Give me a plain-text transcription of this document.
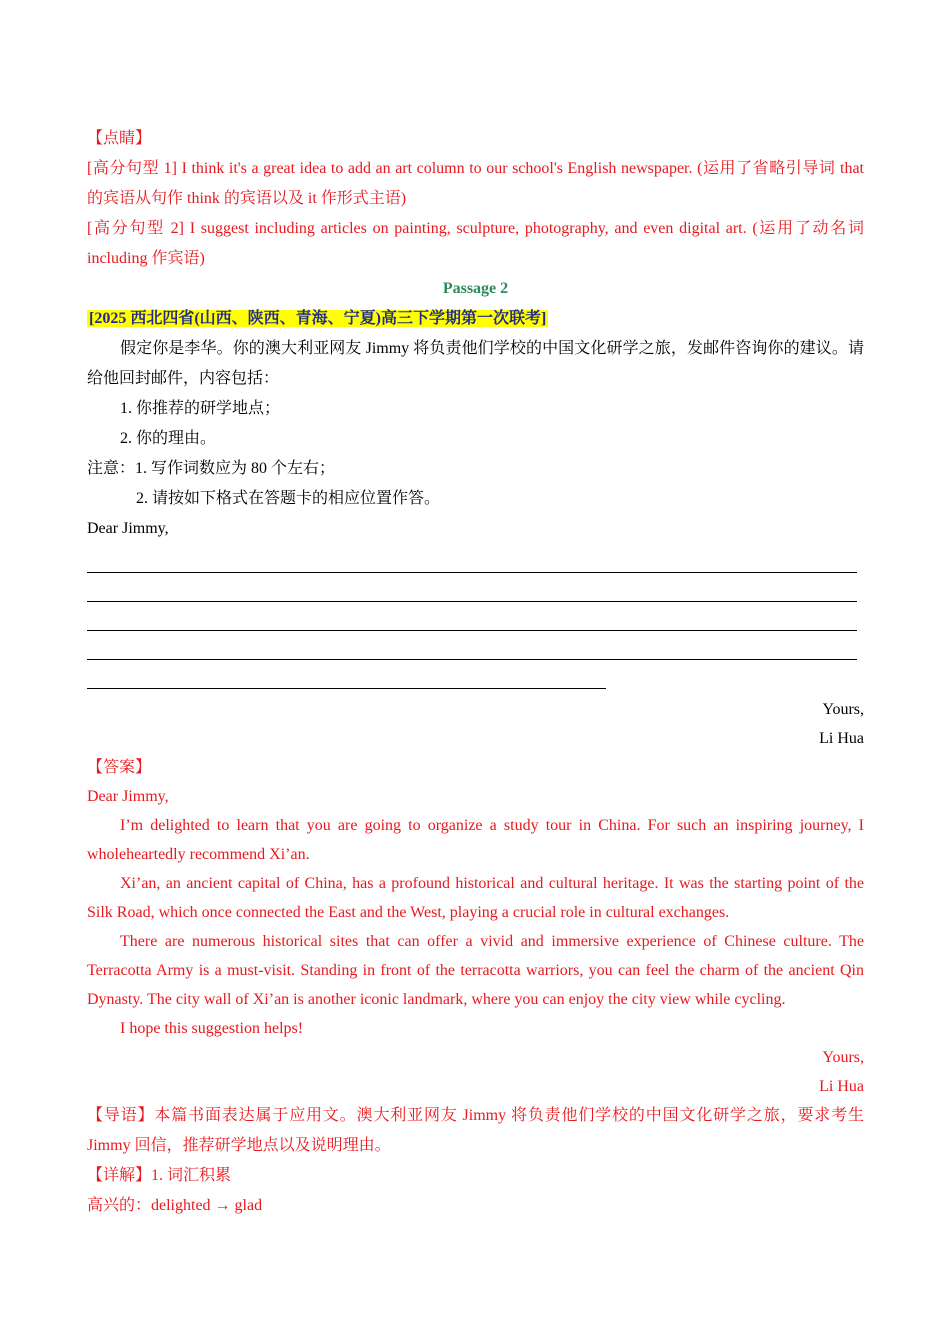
【点睛】
[高分句型 1] I think it's a great idea to add an art column to our school's English newspaper. (运用了省略引导词 that 的宾语从句作 think 的宾语以及 it 作形式主语)
[高分句型 2] I suggest including articles on painting, sculpture, photography, and even digital art. (运用了动名词 including 作宾语)
Passage 2
[2025 西北四省(山西、陕西、青海、宁夏)高三下学期第一次联考]
假定你是李华。你的澳大利亚网友 Jimmy 将负责他们学校的中国文化研学之旅，发邮件咨询你的建议。请给他回封邮件，内容包括：
1. 你推荐的研学地点；
2. 你的理由。
注意：1. 写作词数应为 80 个左右；
2. 请按如下格式在答题卡的相应位置作答。
Dear Jimmy,
Yours,
Li Hua
【答案】
Dear Jimmy,
I’m delighted to learn that you are going to organize a study tour in China. For such an inspiring journey, I wholeheartedly recommend Xi’an.
Xi’an, an ancient capital of China, has a profound historical and cultural heritage. It was the starting point of the Silk Road, which once connected the East and the West, playing a crucial role in cultural exchanges.
There are numerous historical sites that can offer a vivid and immersive experience of Chinese culture. The Terracotta Army is a must-visit. Standing in front of the terracotta warriors, you can feel the charm of the ancient Qin Dynasty. The city wall of Xi’an is another iconic landmark, where you can enjoy the city view while cycling.
I hope this suggestion helps!
Yours,
Li Hua
【导语】本篇书面表达属于应用文。澳大利亚网友 Jimmy 将负责他们学校的中国文化研学之旅，要求考生 Jimmy 回信，推荐研学地点以及说明理由。
【详解】1. 词汇积累
高兴的：delighted → glad
